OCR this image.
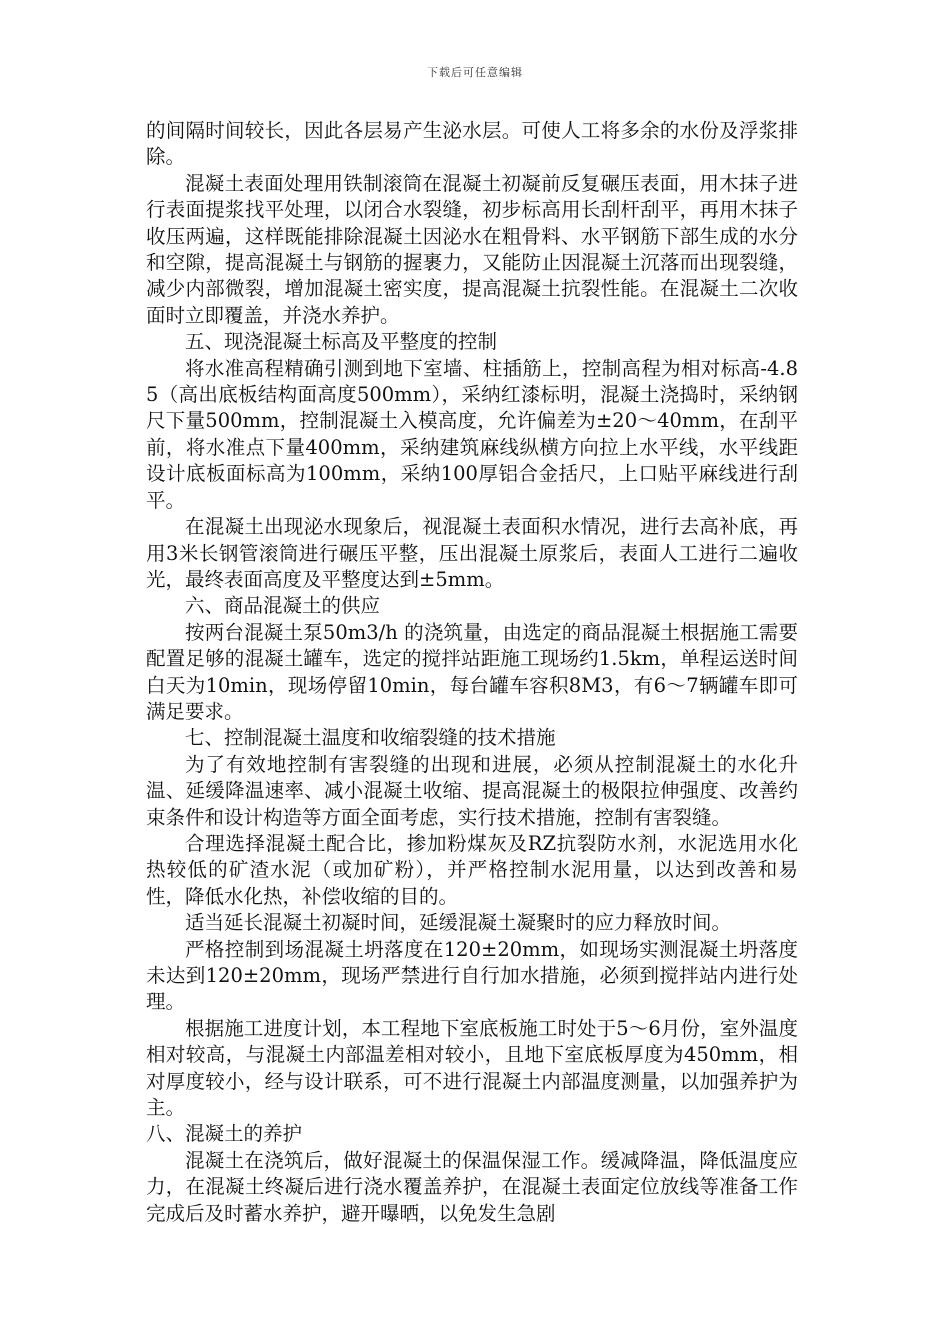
下载后可任意编辑

的间隔时间较长，因此各层易产生泌水层。可使人工将多余的水份及浮浆排除。

混凝土表面处理用铁制滚筒在混凝土初凝前反复碾压表面，用木抹子进行表面提浆找平处理，以闭合水裂缝，初步标高用长刮杆刮平，再用木抹子收压两遍，这样既能排除混凝土因泌水在粗骨料、水平钢筋下部生成的水分和空隙，提高混凝土与钢筋的握裹力，又能防止因混凝土沉落而出现裂缝，减少内部微裂，增加混凝土密实度，提高混凝土抗裂性能。在混凝土二次收面时立即覆盖，并浇水养护。

五、现浇混凝土标高及平整度的控制

将水准高程精确引测到地下室墙、柱插筋上，控制高程为相对标高-4.85（高出底板结构面高度500mm），采纳红漆标明，混凝土浇捣时，采纳钢尺下量500mm，控制混凝土入模高度，允许偏差为±20～40mm，在刮平前，将水准点下量400mm，采纳建筑麻线纵横方向拉上水平线，水平线距设计底板面标高为100mm，采纳100厚铝合金括尺，上口贴平麻线进行刮平。

在混凝土出现泌水现象后，视混凝土表面积水情况，进行去高补底，再用3米长钢管滚筒进行碾压平整，压出混凝土原浆后，表面人工进行二遍收光，最终表面高度及平整度达到±5mm。

六、商品混凝土的供应

按两台混凝土泵50m3/h 的浇筑量，由选定的商品混凝土根据施工需要配置足够的混凝土罐车，选定的搅拌站距施工现场约1.5km，单程运送时间白天为10min，现场停留10min，每台罐车容积8M3，有6～7辆罐车即可满足要求。

七、控制混凝土温度和收缩裂缝的技术措施

为了有效地控制有害裂缝的出现和进展，必须从控制混凝土的水化升温、延缓降温速率、减小混凝土收缩、提高混凝土的极限拉伸强度、改善约束条件和设计构造等方面全面考虑，实行技术措施，控制有害裂缝。

合理选择混凝土配合比，掺加粉煤灰及RZ抗裂防水剂，水泥选用水化热较低的矿渣水泥（或加矿粉），并严格控制水泥用量，以达到改善和易性，降低水化热，补偿收缩的目的。

适当延长混凝土初凝时间，延缓混凝土凝聚时的应力释放时间。

严格控制到场混凝土坍落度在120±20mm，如现场实测混凝土坍落度未达到120±20mm，现场严禁进行自行加水措施，必须到搅拌站内进行处理。

根据施工进度计划，本工程地下室底板施工时处于5～6月份，室外温度相对较高，与混凝土内部温差相对较小，且地下室底板厚度为450mm，相对厚度较小，经与设计联系，可不进行混凝土内部温度测量，以加强养护为主。

八、混凝土的养护

混凝土在浇筑后，做好混凝土的保温保湿工作。缓减降温，降低温度应力，在混凝土终凝后进行浇水覆盖养护，在混凝土表面定位放线等准备工作完成后及时蓄水养护，避开曝晒，以免发生急剧
